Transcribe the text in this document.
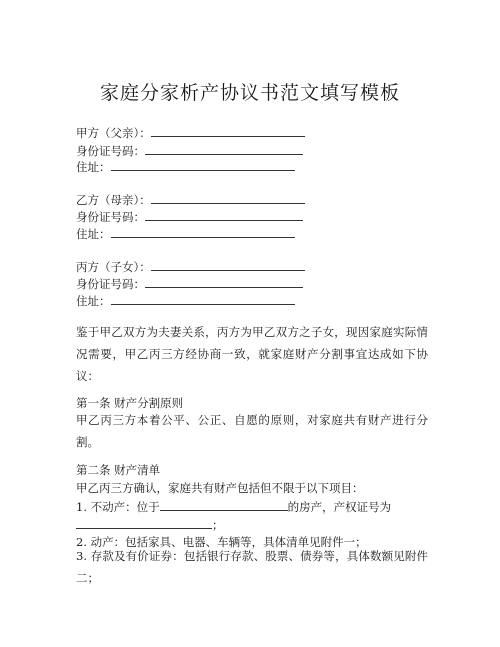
家庭分家析产协议书范文填写模板
甲方（父亲）：
身份证号码：
住址：
乙方（母亲）：
身份证号码：
住址：
丙方（子女）：
身份证号码：
住址：
鉴于甲乙双方为夫妻关系，丙方为甲乙双方之子女，现因家庭实际情况需要，甲乙丙三方经协商一致，就家庭财产分割事宜达成如下协议：
第一条 财产分割原则
甲乙丙三方本着公平、公正、自愿的原则，对家庭共有财产进行分割。
第二条 财产清单
甲乙丙三方确认，家庭共有财产包括但不限于以下项目：
1. 不动产：位于	的房产，产权证号为
；
2. 动产：包括家具、电器、车辆等，具体清单见附件一；
3. 存款及有价证券：包括银行存款、股票、债券等，具体数额见附件二；
